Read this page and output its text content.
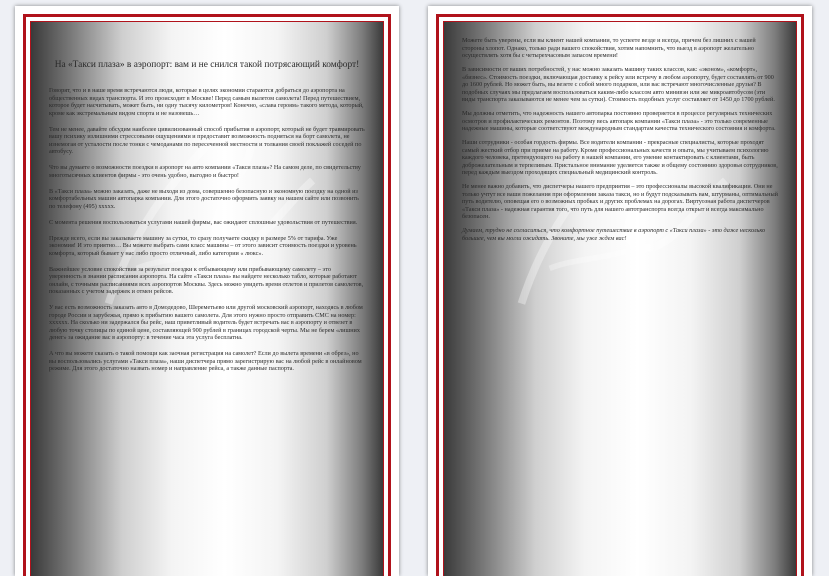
На «Такси плаза» в аэропорт: вам и не снился такой потрясающий комфорт!

Говорят, что и в наше время встречаются люди, которые в целях экономии стараются добраться до аэропорта на общественных видах транспорта. И это происходит в Москве! Перед самым вылетом самолета! Перед путешествием, которое будет насчитывать, может быть, ни одну тысячу километров! Конечно, «слава героям» такого метода, который, кроме как экстремальным видом спорта и не назовешь…

Тем не менее, давайте обсудим наиболее цивилизованный способ прибытия в аэропорт, который не будет травмировать вашу психику излишними стрессовыми ощущениями и предоставит возможность подняться на борт самолета, не изнемогая от усталости после тонки с чемоданами по пересеченной местности и толкания своей поклажей соседей по автобусу.

Что вы думаете о возможности поездки в аэропорт на авто компании «Такси плаза»? На самом деле, по свидетельству многотысячных клиентов фирмы - это очень удобно, выгодно и быстро!

В «Такси плаза» можно заказать, даже не выходя из дома, совершенно безопасную и экономную поездку на одной из комфортабельных машин автопарка компании. Для этого достаточно оформить заявку на нашем сайте или позвонить по телефону (495) xxxxx.

С момента решения воспользоваться услугами нашей фирмы, вас ожидают сплошные удовольствия от путешествия.

Прежде всего, если вы заказываете машину за сутки, то сразу получаете скидку в размере 5% от тарифа. Уже экономия! И это приятно… Вы можете выбрать сами класс машины – от этого зависит стоимость поездки и уровень комфорта, который бывает у нас либо просто отличный, либо категории « люкс».

Важнейшее условие спокойствия за результат поездки к отбывающему или прибывающему самолету – это уверенность в знании расписания аэропорта. На сайте «Такси плаза» вы найдете несколько табло, которые работают онлайн, с точными расписаниями всех аэропортов Москвы. Здесь можно увидеть время отлетов и прилетов самолетов, показанных с учетом задержек и отмен рейсов.

У вас есть возможность заказать авто в Домодедово, Шереметьево или другой московский аэропорт, находясь в любом городе России и зарубежья, прямо к прибытию вашего самолета. Для этого нужно просто отправить СМС на номер: xxxxxx. На сколько ни задержался бы рейс, наш приветливый водитель будет встречать вас в аэропорту и отвезет в любую точку столицы по единой цене, составляющей 900 рублей в границах городской черты. Мы не берем «лишних денег» за ожидание вас в аэропорту: в течение часа эта услуга бесплатна.

А что вы можете сказать о такой помощи как заочная регистрация на самолет? Если до вылета времени «в обрез», но вы воспользовались услугами «Такси плаза», наши диспетчера прямо зарегистрирую вас на любой рейс в онлайновом режиме. Для этого достаточно назвать номер и направление рейса, а также данные паспорта.

Можете быть уверены, если вы клиент нашей компании, то успеете везде и всегда, причем без лишних с вашей стороны хлопот. Однако, только ради вашего спокойствия, хотим напомнить, что выезд в аэропорт желательно осуществлять хотя бы с четырехчасовым запасом времени!

В зависимости от ваших потребностей, у нас можно заказать машину таких классов, как: «эконом», «комфорт», «бизнес». Стоимость поездки, включающая доставку к рейсу или встречу в любом аэропорту, будет составлять от 900 до 1600 рублей. Но может быть, вы везете с собой много подарков, или вас встречают многочисленные друзья? В подобных случаях мы предлагаем воспользоваться каким-либо классом авто минивэн или же микроавтобусом (эти виды транспорта заказываются не менее чем за сутки). Стоимость подобных услуг составляет от 1450 до 1700 рублей.

Мы должны отметить, что надежность нашего автопарка постоянно проверяется в процессе регулярных технических осмотров и профилактических ремонтов. Поэтому весь автопарк компании «Такси плаза» - это только современные надежные машины, которые соответствуют международным стандартам качества технического состояния и комфорта.

Наши сотрудники - особая гордость фирмы. Все водители компании - прекрасные специалисты, которые проходят самый жесткий отбор при приеме на работу. Кроме профессиональных качеств и опыта, мы учитываем психологию каждого человека, претендующего на работу в нашей компании, его умение контактировать с клиентами, быть доброжелательным и терпеливым. Пристальное внимание уделяется также и общему состоянию здоровья сотрудников, перед каждым выездом проходящих специальный медицинский контроль.

Не менее важно добавить, что диспетчеры нашего предприятия – это профессионалы высокой квалификации. Они не только учтут все ваши пожелания при оформлении заказа такси, но и будут подсказывать вам, штурманы, оптимальный путь водителю, оповещая его о возможных пробках и других проблемах на дорогах. Виртуозная работа диспетчеров «Такси плаза» - надежная гарантия того, что путь для нашего автотранспорта всегда открыт и всегда максимально безопасен.

Думаем, трудно не согласиться, что комфортное путешествие в аэропорт с «Такси плаза» - это даже несколько большее, чем вы могли ожидать. Звоните, мы уже ждем вас!
